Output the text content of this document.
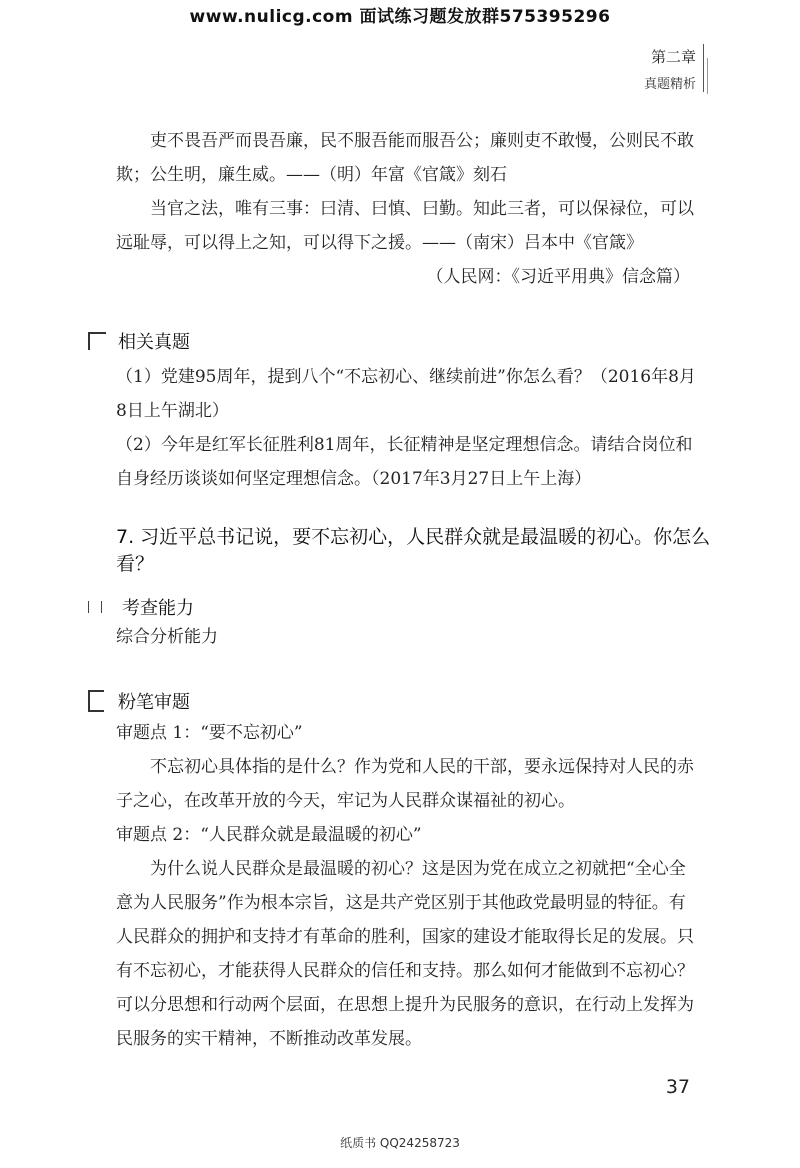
www.nulicg.com 面试练习题发放群575395296
第二章
真题精析
吏不畏吾严而畏吾廉，民不服吾能而服吾公；廉则吏不敢慢，公则民不敢欺；公生明，廉生威。——（明）年富《官箴》刻石
当官之法，唯有三事：曰清、曰慎、曰勤。知此三者，可以保禄位，可以远耻辱，可以得上之知，可以得下之援。——（南宋）吕本中《官箴》
（人民网：《习近平用典》信念篇）
相关真题
（1）党建95周年，提到八个“不忘初心、继续前进”你怎么看？（2016年8月8日上午湖北）
（2）今年是红军长征胜利81周年，长征精神是坚定理想信念。请结合岗位和自身经历谈谈如何坚定理想信念。（2017年3月27日上午上海）
7. 习近平总书记说，要不忘初心，人民群众就是最温暖的初心。你怎么看？
考查能力
综合分析能力
粉笔审题
审题点 1：“要不忘初心”
不忘初心具体指的是什么？作为党和人民的干部，要永远保持对人民的赤子之心，在改革开放的今天，牢记为人民群众谋福祉的初心。
审题点 2：“人民群众就是最温暖的初心”
为什么说人民群众是最温暖的初心？这是因为党在成立之初就把“全心全意为人民服务”作为根本宗旨，这是共产党区别于其他政党最明显的特征。有人民群众的拥护和支持才有革命的胜利，国家的建设才能取得长足的发展。只有不忘初心，才能获得人民群众的信任和支持。那么如何才能做到不忘初心？可以分思想和行动两个层面，在思想上提升为民服务的意识，在行动上发挥为民服务的实干精神，不断推动改革发展。
37
纸质书 QQ24258723
